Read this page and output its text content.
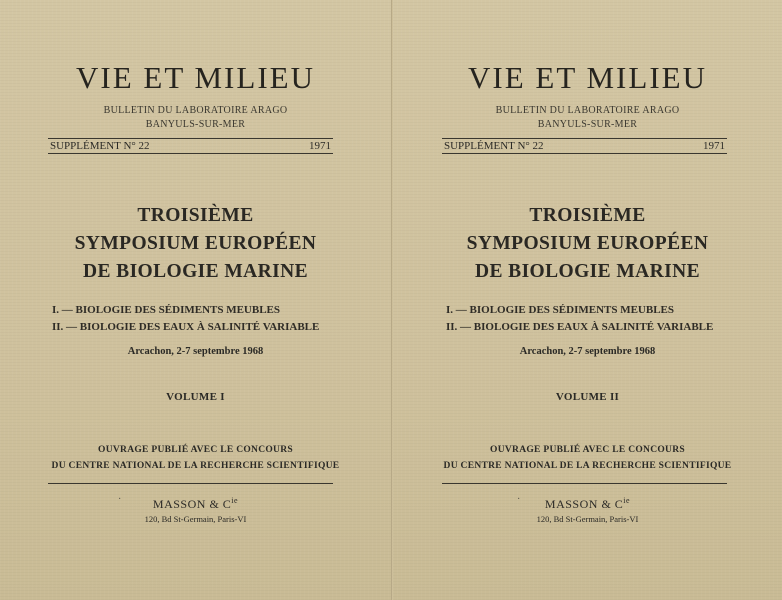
VIE ET MILIEU
BULLETIN DU LABORATOIRE ARAGO
BANYULS-SUR-MER
SUPPLÉMENT N° 22	1971
TROISIÈME
SYMPOSIUM EUROPÉEN
DE BIOLOGIE MARINE
I. — BIOLOGIE DES SÉDIMENTS MEUBLES
II. — BIOLOGIE DES EAUX À SALINITÉ VARIABLE
Arcachon, 2-7 septembre 1968
VOLUME I
OUVRAGE PUBLIÉ AVEC LE CONCOURS
DU CENTRE NATIONAL DE LA RECHERCHE SCIENTIFIQUE
·	MASSON & $C^{ie}$
120, Bd St-Germain, Paris-VI
VIE ET MILIEU
BULLETIN DU LABORATOIRE ARAGO
BANYULS-SUR-MER
SUPPLÉMENT N° 22	1971
TROISIÈME
SYMPOSIUM EUROPÉEN
DE BIOLOGIE MARINE
I. — BIOLOGIE DES SÉDIMENTS MEUBLES
II. — BIOLOGIE DES EAUX À SALINITÉ VARIABLE
Arcachon, 2-7 septembre 1968
VOLUME II
OUVRAGE PUBLIÉ AVEC LE CONCOURS
DU CENTRE NATIONAL DE LA RECHERCHE SCIENTIFIQUE
·	MASSON & $C^{ie}$
120, Bd St-Germain, Paris-VI
